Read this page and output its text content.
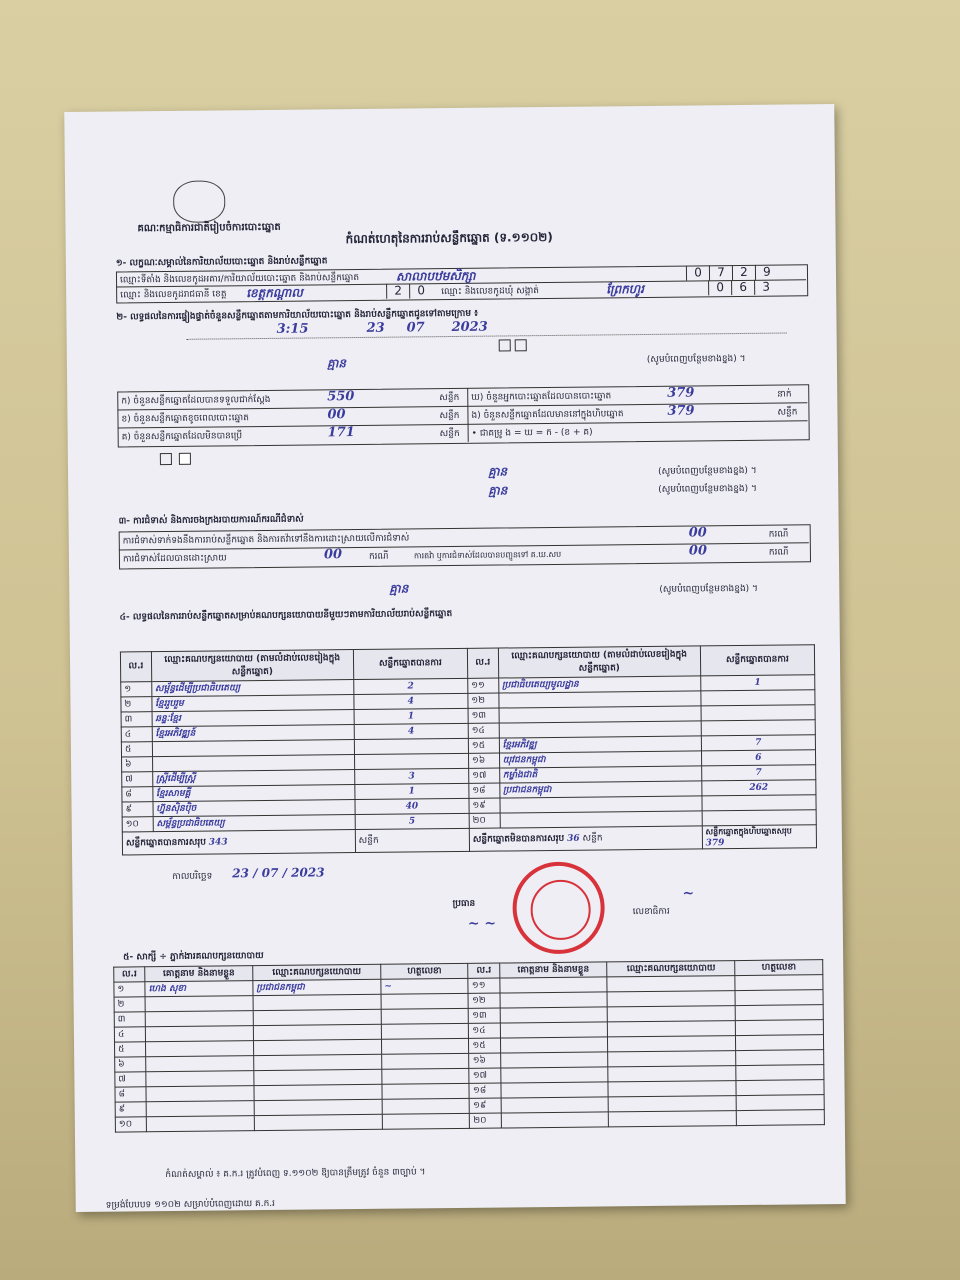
គណៈកម្មាធិការជាតិរៀបចំការបោះឆ្នោត
កំណត់ហេតុនៃការរាប់សន្លឹកឆ្នោត (ទ.១១០២)
១- លក្ខណៈសម្គាល់នៃការិយាល័យបោះឆ្នោត និងរាប់សន្លឹកឆ្នោត
ឈ្មោះទីតាំង និងលេខកូដអគារ/ការិយាល័យបោះឆ្នោត និងរាប់សន្លឹកឆ្នោត	សាលាបឋមសិក្សា	0 7 2 9
ឈ្មោះ និងលេខកូដរាជធានី ខេត្ត ខេត្តកណ្ដាល	2 0	ឈ្មោះ និងលេខកូដឃុំ សង្កាត់	ព្រែកហូរ	0 6 3
២- លទ្ធផលនៃការផ្ទៀងផ្ទាត់ចំនួនសន្លឹកឆ្នោតតាមការិយាល័យបោះឆ្នោត និងរាប់សន្លឹកឆ្នោតជូនទៅតាមក្រោម ៖
3:15	23 07 2023
គ្មាន	(សូមបំពេញបន្ថែមខាងខ្នង) ។
ក) ចំនួនសន្លឹកឆ្នោតដែលបានទទួលជាក់ស្ដែង	550	សន្លឹក
ខ) ចំនួនសន្លឹកឆ្នោតខូចពេលបោះឆ្នោត	00	សន្លឹក
គ) ចំនួនសន្លឹកឆ្នោតដែលមិនបានប្រើ	171	សន្លឹក
ឃ) ចំនួនអ្នកបោះឆ្នោតដែលបានបោះឆ្នោត	379	នាក់
ង) ចំនួនសន្លឹកឆ្នោតដែលមាននៅក្នុងហិបឆ្នោត	379	សន្លឹក
• ជាគម្រូ ង = ឃ = ក - (ខ + គ)

គ្មាន	(សូមបំពេញបន្ថែមខាងខ្នង) ។
គ្មាន	(សូមបំពេញបន្ថែមខាងខ្នង) ។
៣- ការជំទាស់ និងការចងក្រងរបាយការណ៍ករណីជំទាស់
ការជំទាស់ទាក់ទងនឹងការរាប់សន្លឹកឆ្នោត និងការតវ៉ាទៅនឹងការដោះស្រាយលើការជំទាស់	00	ករណី
ការជំទាស់ដែលបានដោះស្រាយ	00	ករណី	ការតវ៉ា ឬការជំទាស់ដែលបានបញ្ជូនទៅ គ.ឃ.សប	00	ករណី
គ្មាន	(សូមបំពេញបន្ថែមខាងខ្នង) ។
៤- លទ្ធផលនៃការរាប់សន្លឹកឆ្នោតសម្រាប់គណបក្សនយោបាយនីមួយៗតាមការិយាល័យរាប់សន្លឹកឆ្នោត
ល.រ	ឈ្មោះគណបក្សនយោបាយ (តាមលំដាប់លេខរៀងក្នុងសន្លឹកឆ្នោត)	សន្លឹកឆ្នោតបានការ	ល.រ	ឈ្មោះគណបក្សនយោបាយ (តាមលំដាប់លេខរៀងក្នុងសន្លឹកឆ្នោត)	សន្លឹកឆ្នោតបានការ
១	សម្ព័ន្ធដើម្បីប្រជាធិបតេយ្យ	2	១១	ប្រជាធិបតេយ្យមូលដ្ឋាន	1
២	ខ្មែររួបរួម	4	១២		
៣	ឆន្ទៈខ្មែរ	1	១៣		
៤	ខ្មែរអភិវឌ្ឍន៍	4	១៤		
៥			១៥	ខ្មែរអភិវឌ្ឍ	7
៦			១៦	យុវជនកម្ពុជា	6
៧	ស្រ្តីដើម្បីស្រ្តី	3	១៧	កម្លាំងជាតិ	7
៨	ខ្មែរសាមគ្គី	1	១៨	ប្រជាជនកម្ពុជា	262
៩	ហ្វ៊ុនស៊ិនប៉ិច	40	១៩		
១០	សម្ព័ន្ធប្រជាធិបតេយ្យ	5	២០		
សន្លឹកឆ្នោតបានការសរុប 343		សន្លឹក	សន្លឹកឆ្នោតមិនបានការសរុប 36 សន្លឹក		សន្លឹកឆ្នោតក្នុងហិបឆ្នោតសរុប 379
កាលបរិច្ឆេទ 23 / 07 / 2023
ប្រធាន
~ ~
លេខាធិការ
~
៥- សាក្សី ÷ ភ្នាក់ងារគណបក្សនយោបាយ
ល.រ	គោត្តនាម និងនាមខ្លួន	ឈ្មោះគណបក្សនយោបាយ	ហត្ថលេខា	ល.រ	គោត្តនាម និងនាមខ្លួន	ឈ្មោះគណបក្សនយោបាយ	ហត្ថលេខា
១	ហេង សុខា	ប្រជាជនកម្ពុជា	~	១១			
២				១២			
៣				១៣			
៤				១៤			
៥				១៥			
៦				១៦			
៧				១៧			
៨				១៨			
៩				១៩			
១០				២០			
កំណត់សម្គាល់ ៖ គ.ក.រ ត្រូវបំពេញ ទ.១១០២ ឱ្យបានត្រឹមត្រូវ ចំនួន ៣ច្បាប់ ។
ទម្រង់បែបបទ ១១០២ សម្រាប់បំពេញដោយ គ.ក.រ
